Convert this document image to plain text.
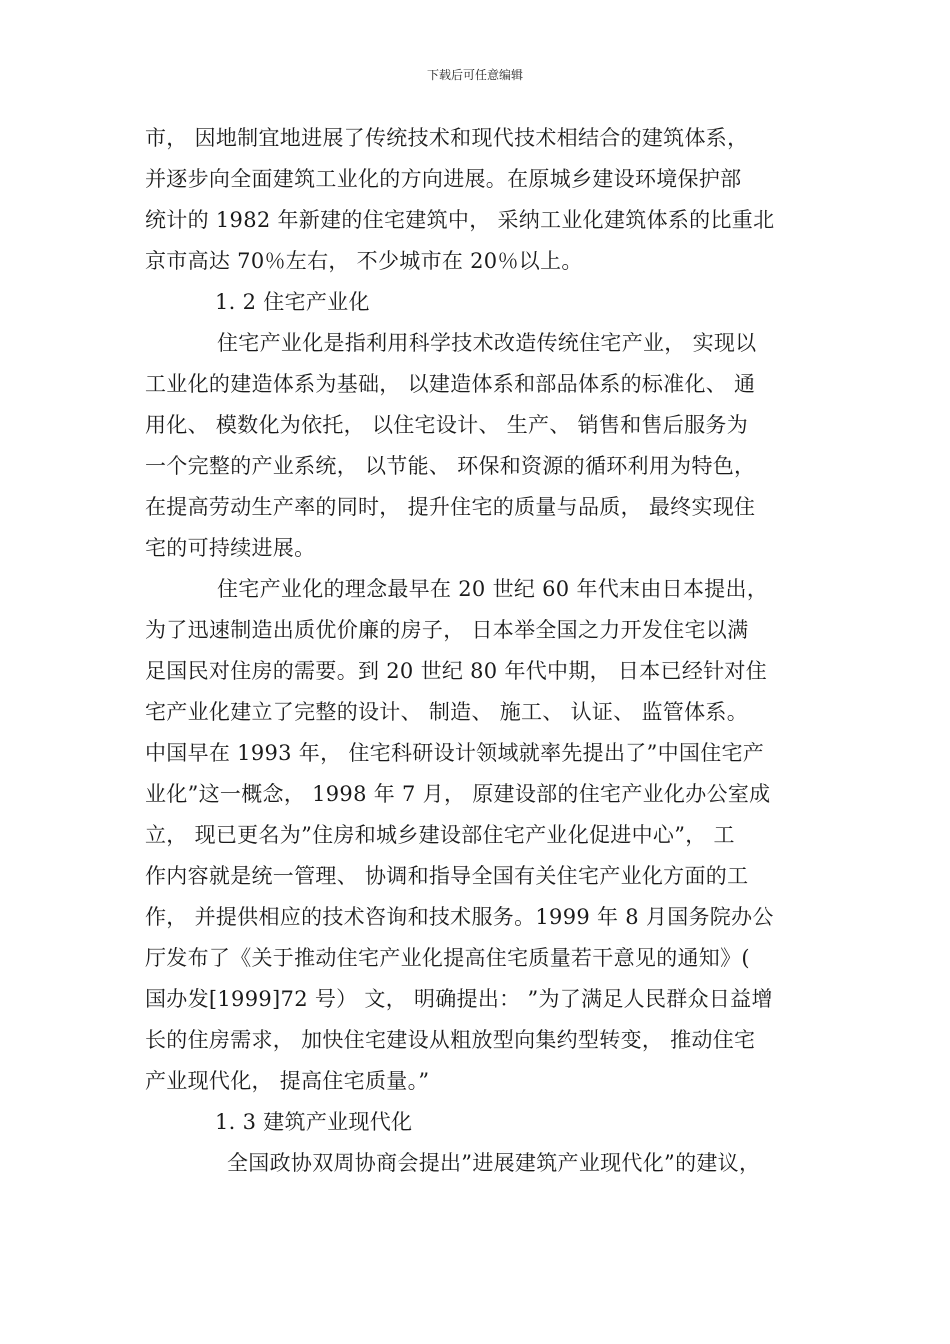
下载后可任意编辑
市， 因地制宜地进展了传统技术和现代技术相结合的建筑体系，
并逐步向全面建筑工业化的方向进展。在原城乡建设环境保护部
统计的 1982 年新建的住宅建筑中， 采纳工业化建筑体系的比重北
京市高达 70％左右， 不少城市在 20％以上。
1. 2 住宅产业化
住宅产业化是指利用科学技术改造传统住宅产业， 实现以
工业化的建造体系为基础， 以建造体系和部品体系的标准化、 通
用化、 模数化为依托， 以住宅设计、 生产、 销售和售后服务为
一个完整的产业系统， 以节能、 环保和资源的循环利用为特色，
在提高劳动生产率的同时， 提升住宅的质量与品质， 最终实现住
宅的可持续进展。
住宅产业化的理念最早在 20 世纪 60 年代末由日本提出，
为了迅速制造出质优价廉的房子， 日本举全国之力开发住宅以满
足国民对住房的需要。到 20 世纪 80 年代中期， 日本已经针对住
宅产业化建立了完整的设计、 制造、 施工、 认证、 监管体系。
中国早在 1993 年， 住宅科研设计领域就率先提出了”中国住宅产
业化”这一概念， 1998 年 7 月， 原建设部的住宅产业化办公室成
立， 现已更名为”住房和城乡建设部住宅产业化促进中心”， 工
作内容就是统一管理、 协调和指导全国有关住宅产业化方面的工
作， 并提供相应的技术咨询和技术服务。1999 年 8 月国务院办公
厅发布了《关于推动住宅产业化提高住宅质量若干意见的通知》(
国办发[1999]72 号） 文， 明确提出： ”为了满足人民群众日益增
长的住房需求， 加快住宅建设从粗放型向集约型转变， 推动住宅
产业现代化， 提高住宅质量。”
1. 3 建筑产业现代化
全国政协双周协商会提出”进展建筑产业现代化”的建议，
